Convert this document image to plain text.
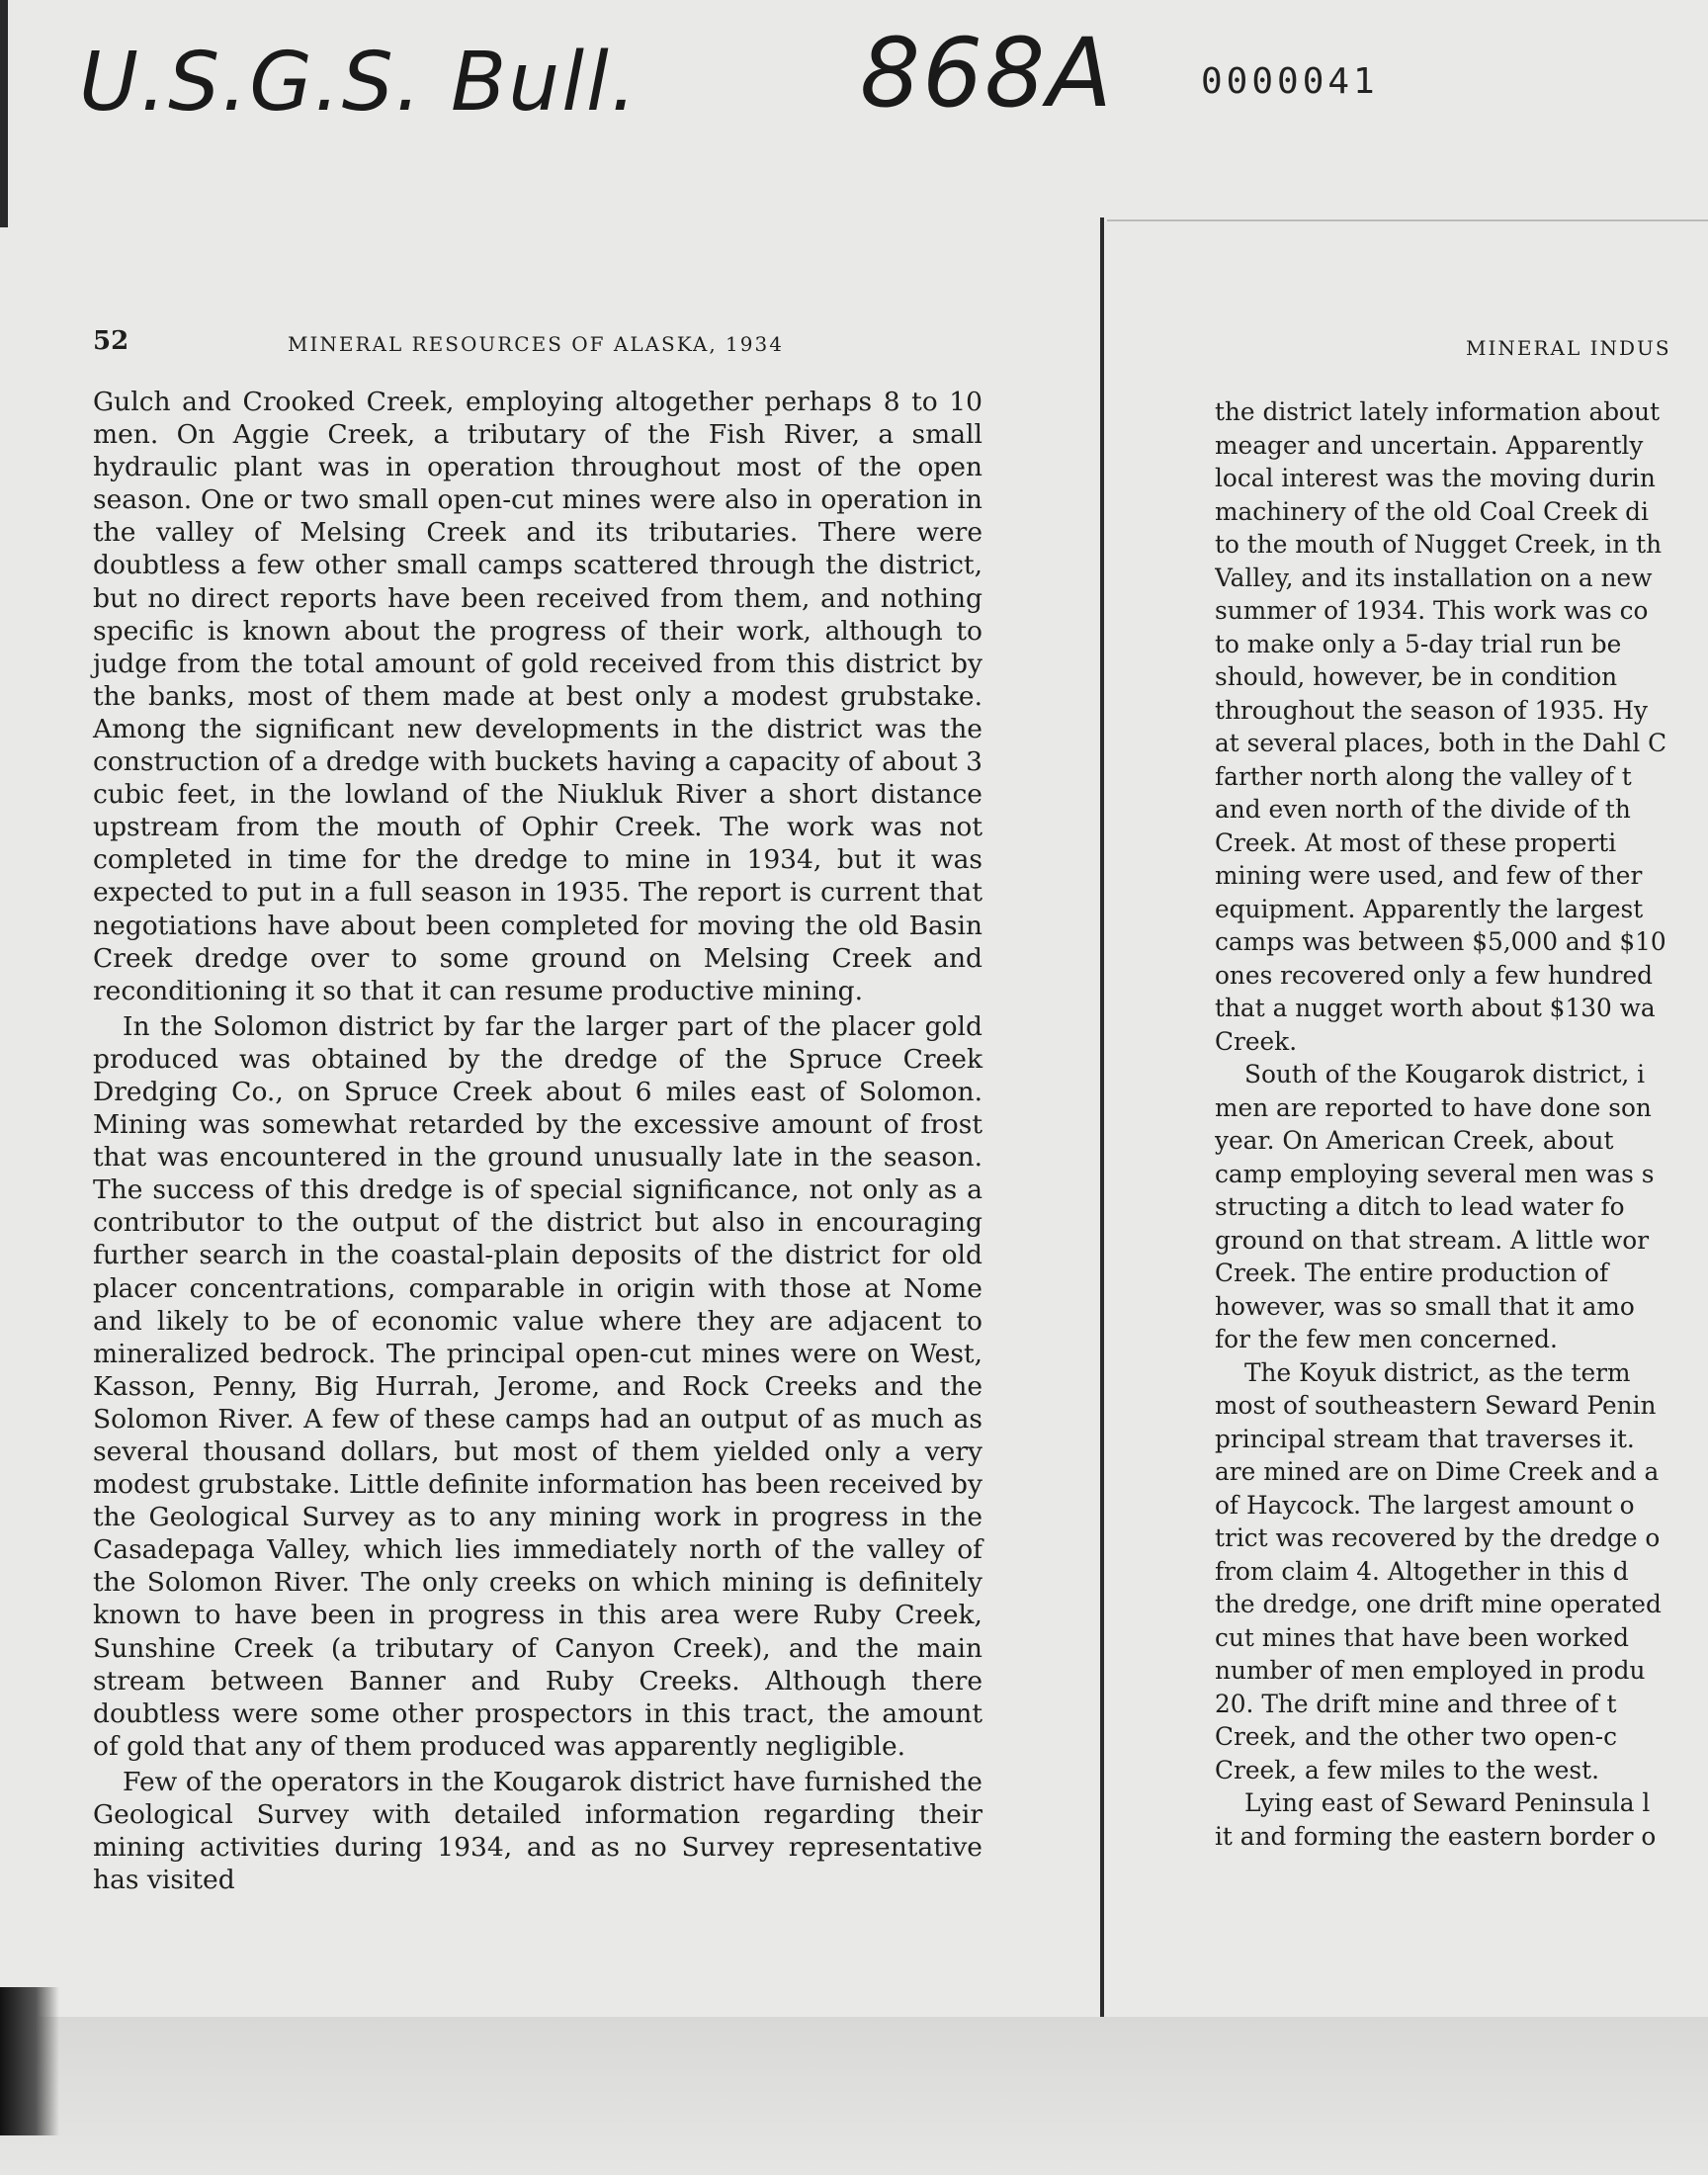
U.S.G.S. Bull. 868A 0000041
52	MINERAL RESOURCES OF ALASKA, 1934

Gulch and Crooked Creek, employing altogether perhaps 8 to 10 men. On Aggie Creek, a tributary of the Fish River, a small hydraulic plant was in operation throughout most of the open season. One or two small open-cut mines were also in operation in the valley of Melsing Creek and its tributaries. There were doubtless a few other small camps scattered through the district, but no direct reports have been received from them, and nothing specific is known about the progress of their work, although to judge from the total amount of gold received from this district by the banks, most of them made at best only a modest grubstake. Among the significant new developments in the district was the construction of a dredge with buckets having a capacity of about 3 cubic feet, in the lowland of the Niukluk River a short distance upstream from the mouth of Ophir Creek. The work was not completed in time for the dredge to mine in 1934, but it was expected to put in a full season in 1935. The report is current that negotiations have about been completed for moving the old Basin Creek dredge over to some ground on Melsing Creek and reconditioning it so that it can resume productive mining.

In the Solomon district by far the larger part of the placer gold produced was obtained by the dredge of the Spruce Creek Dredging Co., on Spruce Creek about 6 miles east of Solomon. Mining was somewhat retarded by the excessive amount of frost that was encountered in the ground unusually late in the season. The success of this dredge is of special significance, not only as a contributor to the output of the district but also in encouraging further search in the coastal-plain deposits of the district for old placer concentrations, comparable in origin with those at Nome and likely to be of economic value where they are adjacent to mineralized bedrock. The principal open-cut mines were on West, Kasson, Penny, Big Hurrah, Jerome, and Rock Creeks and the Solomon River. A few of these camps had an output of as much as several thousand dollars, but most of them yielded only a very modest grubstake. Little definite information has been received by the Geological Survey as to any mining work in progress in the Casadepaga Valley, which lies immediately north of the valley of the Solomon River. The only creeks on which mining is definitely known to have been in progress in this area were Ruby Creek, Sunshine Creek (a tributary of Canyon Creek), and the main stream between Banner and Ruby Creeks. Although there doubtless were some other prospectors in this tract, the amount of gold that any of them produced was apparently negligible.

Few of the operators in the Kougarok district have furnished the Geological Survey with detailed information regarding their mining activities during 1934, and as no Survey representative has visited

MINERAL INDUS
the district lately information about
meager and uncertain. Apparently
local interest was the moving durin
machinery of the old Coal Creek di
to the mouth of Nugget Creek, in th
Valley, and its installation on a new
summer of 1934. This work was co
to make only a 5-day trial run be
should, however, be in condition
throughout the season of 1935. Hy
at several places, both in the Dahl C
farther north along the valley of t
and even north of the divide of th
Creek. At most of these properti
mining were used, and few of ther
equipment. Apparently the largest
camps was between $5,000 and $10
ones recovered only a few hundred
that a nugget worth about $130 wa
Creek.
South of the Kougarok district, i
men are reported to have done son
year. On American Creek, about
camp employing several men was s
structing a ditch to lead water fo
ground on that stream. A little wor
Creek. The entire production of
however, was so small that it amo
for the few men concerned.
The Koyuk district, as the term
most of southeastern Seward Penin
principal stream that traverses it.
are mined are on Dime Creek and a
of Haycock. The largest amount o
trict was recovered by the dredge o
from claim 4. Altogether in this d
the dredge, one drift mine operated
cut mines that have been worked
number of men employed in produ
20. The drift mine and three of t
Creek, and the other two open-c
Creek, a few miles to the west.
Lying east of Seward Peninsula l
it and forming the eastern border o
